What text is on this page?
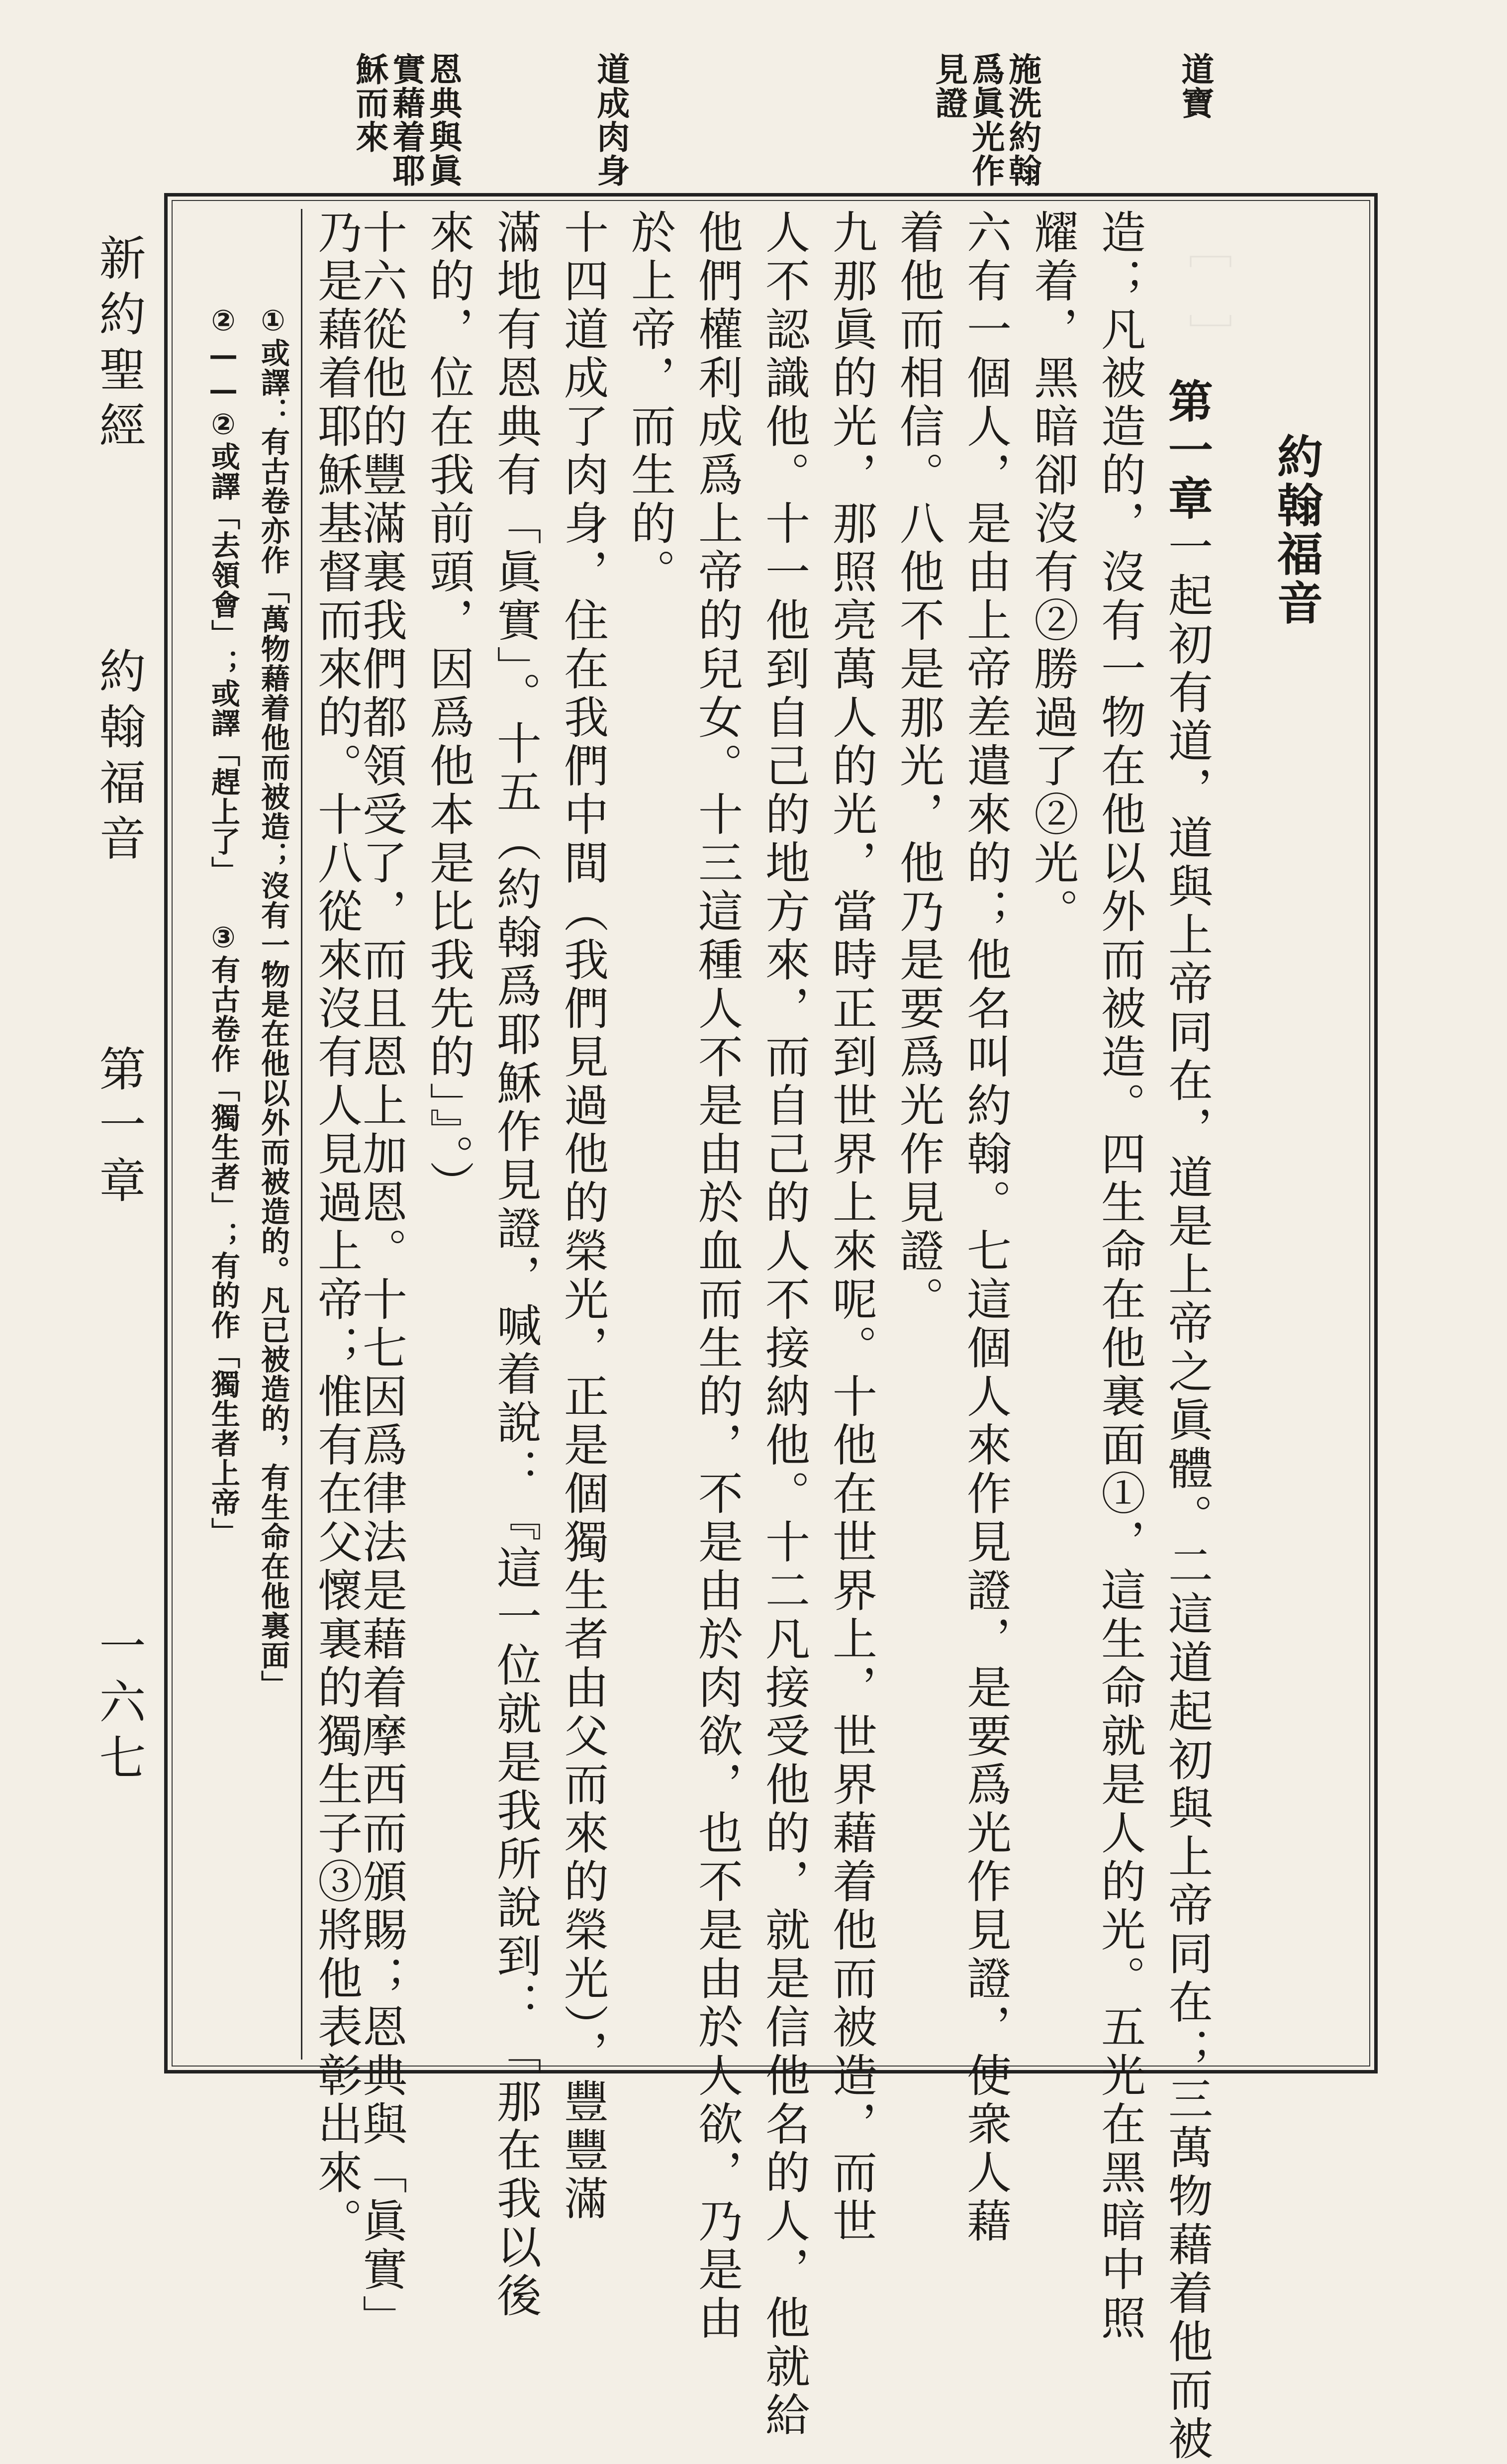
［　］
道寶
施洗約翰
爲眞光作
見證
道成肉身
恩典與眞
實藉着耶
穌而來
約翰福音
第一章一起初有道，道與上帝同在，道是上帝之眞體。二這道起初與上帝同在；三萬物藉着他而被
造；凡被造的，沒有一物在他以外而被造。四生命在他裏面①，這生命就是人的光。五光在黑暗中照
耀着，黑暗卻沒有②勝過了②光。
六有一個人，是由上帝差遣來的；他名叫約翰。七這個人來作見證，是要爲光作見證，使衆人藉
着他而相信。八他不是那光，他乃是要爲光作見證。
九那眞的光，那照亮萬人的光，當時正到世界上來呢。十他在世界上，世界藉着他而被造，而世
人不認識他。十一他到自己的地方來，而自己的人不接納他。十二凡接受他的，就是信他名的人，他就給
他們權利成爲上帝的兒女。十三這種人不是由於血而生的，不是由於肉欲，也不是由於人欲，乃是由
於上帝，而生的。
十四道成了肉身，住在我們中間（我們見過他的榮光，正是個獨生者由父而來的榮光），豐豐滿
滿地有恩典有「眞實」。十五（約翰爲耶穌作見證，喊着說：『這一位就是我所說到：「那在我以後
來的，位在我前頭，因爲他本是比我先的」』。）
十六從他的豐滿裏我們都領受了，而且恩上加恩。十七因爲律法是藉着摩西而頒賜；恩典與「眞實」
乃是藉着耶穌基督而來的。十八從來沒有人見過上帝；惟有在父懷裏的獨生子③將他表彰出來。
①或譯：有古卷亦作「萬物藉着他而被造；沒有一物是在他以外而被造的。凡已被造的，有生命在他裏面」
②——②或譯「去領會」；或譯「趕上了」 ③有古卷作「獨生者」；有的作「獨生者上帝」
新約聖經
約翰福音
第一章
一六七
